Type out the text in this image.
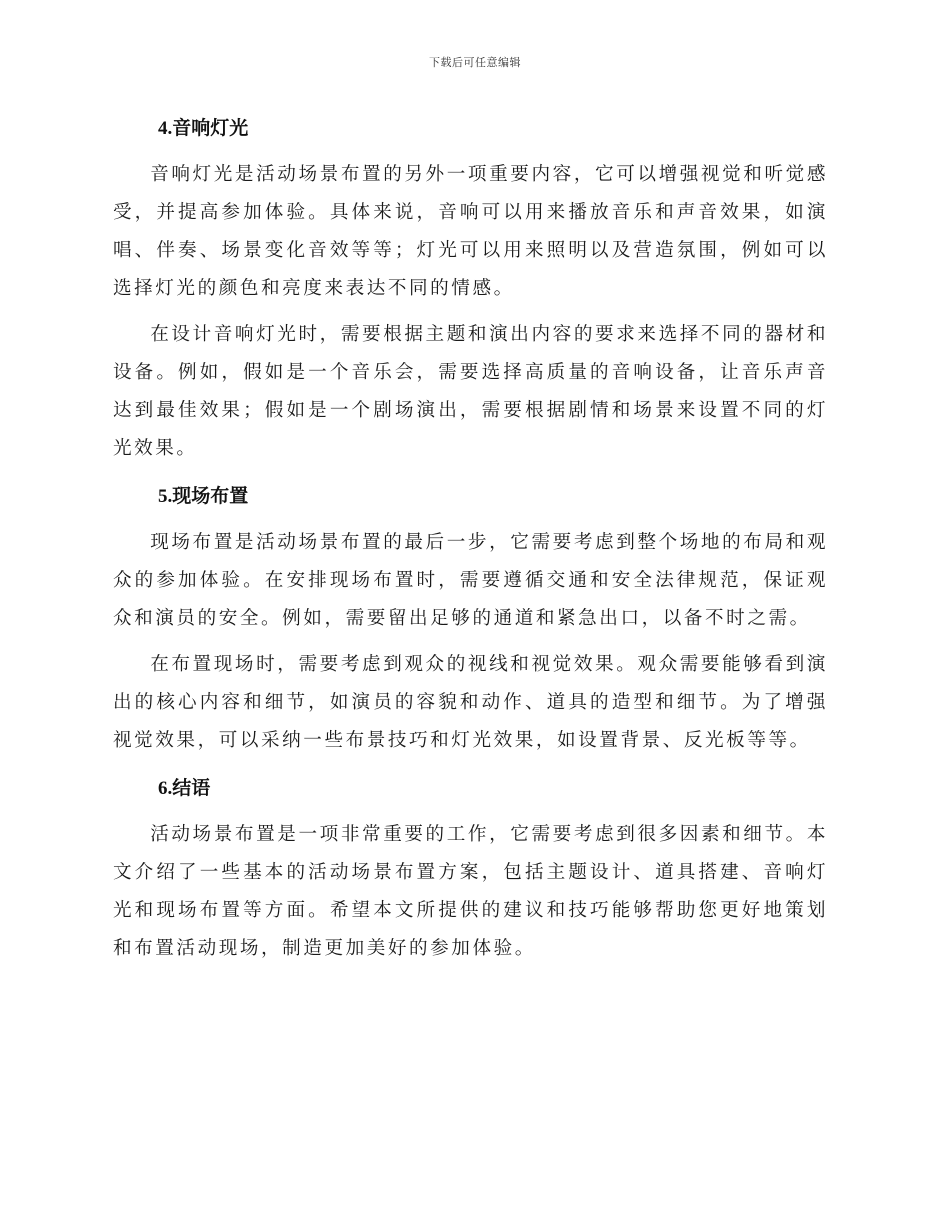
下载后可任意编辑
4.音响灯光

音响灯光是活动场景布置的另外一项重要内容，它可以增强视觉和听觉感受，并提高参加体验。具体来说，音响可以用来播放音乐和声音效果，如演唱、伴奏、场景变化音效等等；灯光可以用来照明以及营造氛围，例如可以选择灯光的颜色和亮度来表达不同的情感。

在设计音响灯光时，需要根据主题和演出内容的要求来选择不同的器材和设备。例如，假如是一个音乐会，需要选择高质量的音响设备，让音乐声音达到最佳效果；假如是一个剧场演出，需要根据剧情和场景来设置不同的灯光效果。

5.现场布置

现场布置是活动场景布置的最后一步，它需要考虑到整个场地的布局和观众的参加体验。在安排现场布置时，需要遵循交通和安全法律规范，保证观众和演员的安全。例如，需要留出足够的通道和紧急出口，以备不时之需。

在布置现场时，需要考虑到观众的视线和视觉效果。观众需要能够看到演出的核心内容和细节，如演员的容貌和动作、道具的造型和细节。为了增强视觉效果，可以采纳一些布景技巧和灯光效果，如设置背景、反光板等等。

6.结语

活动场景布置是一项非常重要的工作，它需要考虑到很多因素和细节。本文介绍了一些基本的活动场景布置方案，包括主题设计、道具搭建、音响灯光和现场布置等方面。希望本文所提供的建议和技巧能够帮助您更好地策划和布置活动现场，制造更加美好的参加体验。
